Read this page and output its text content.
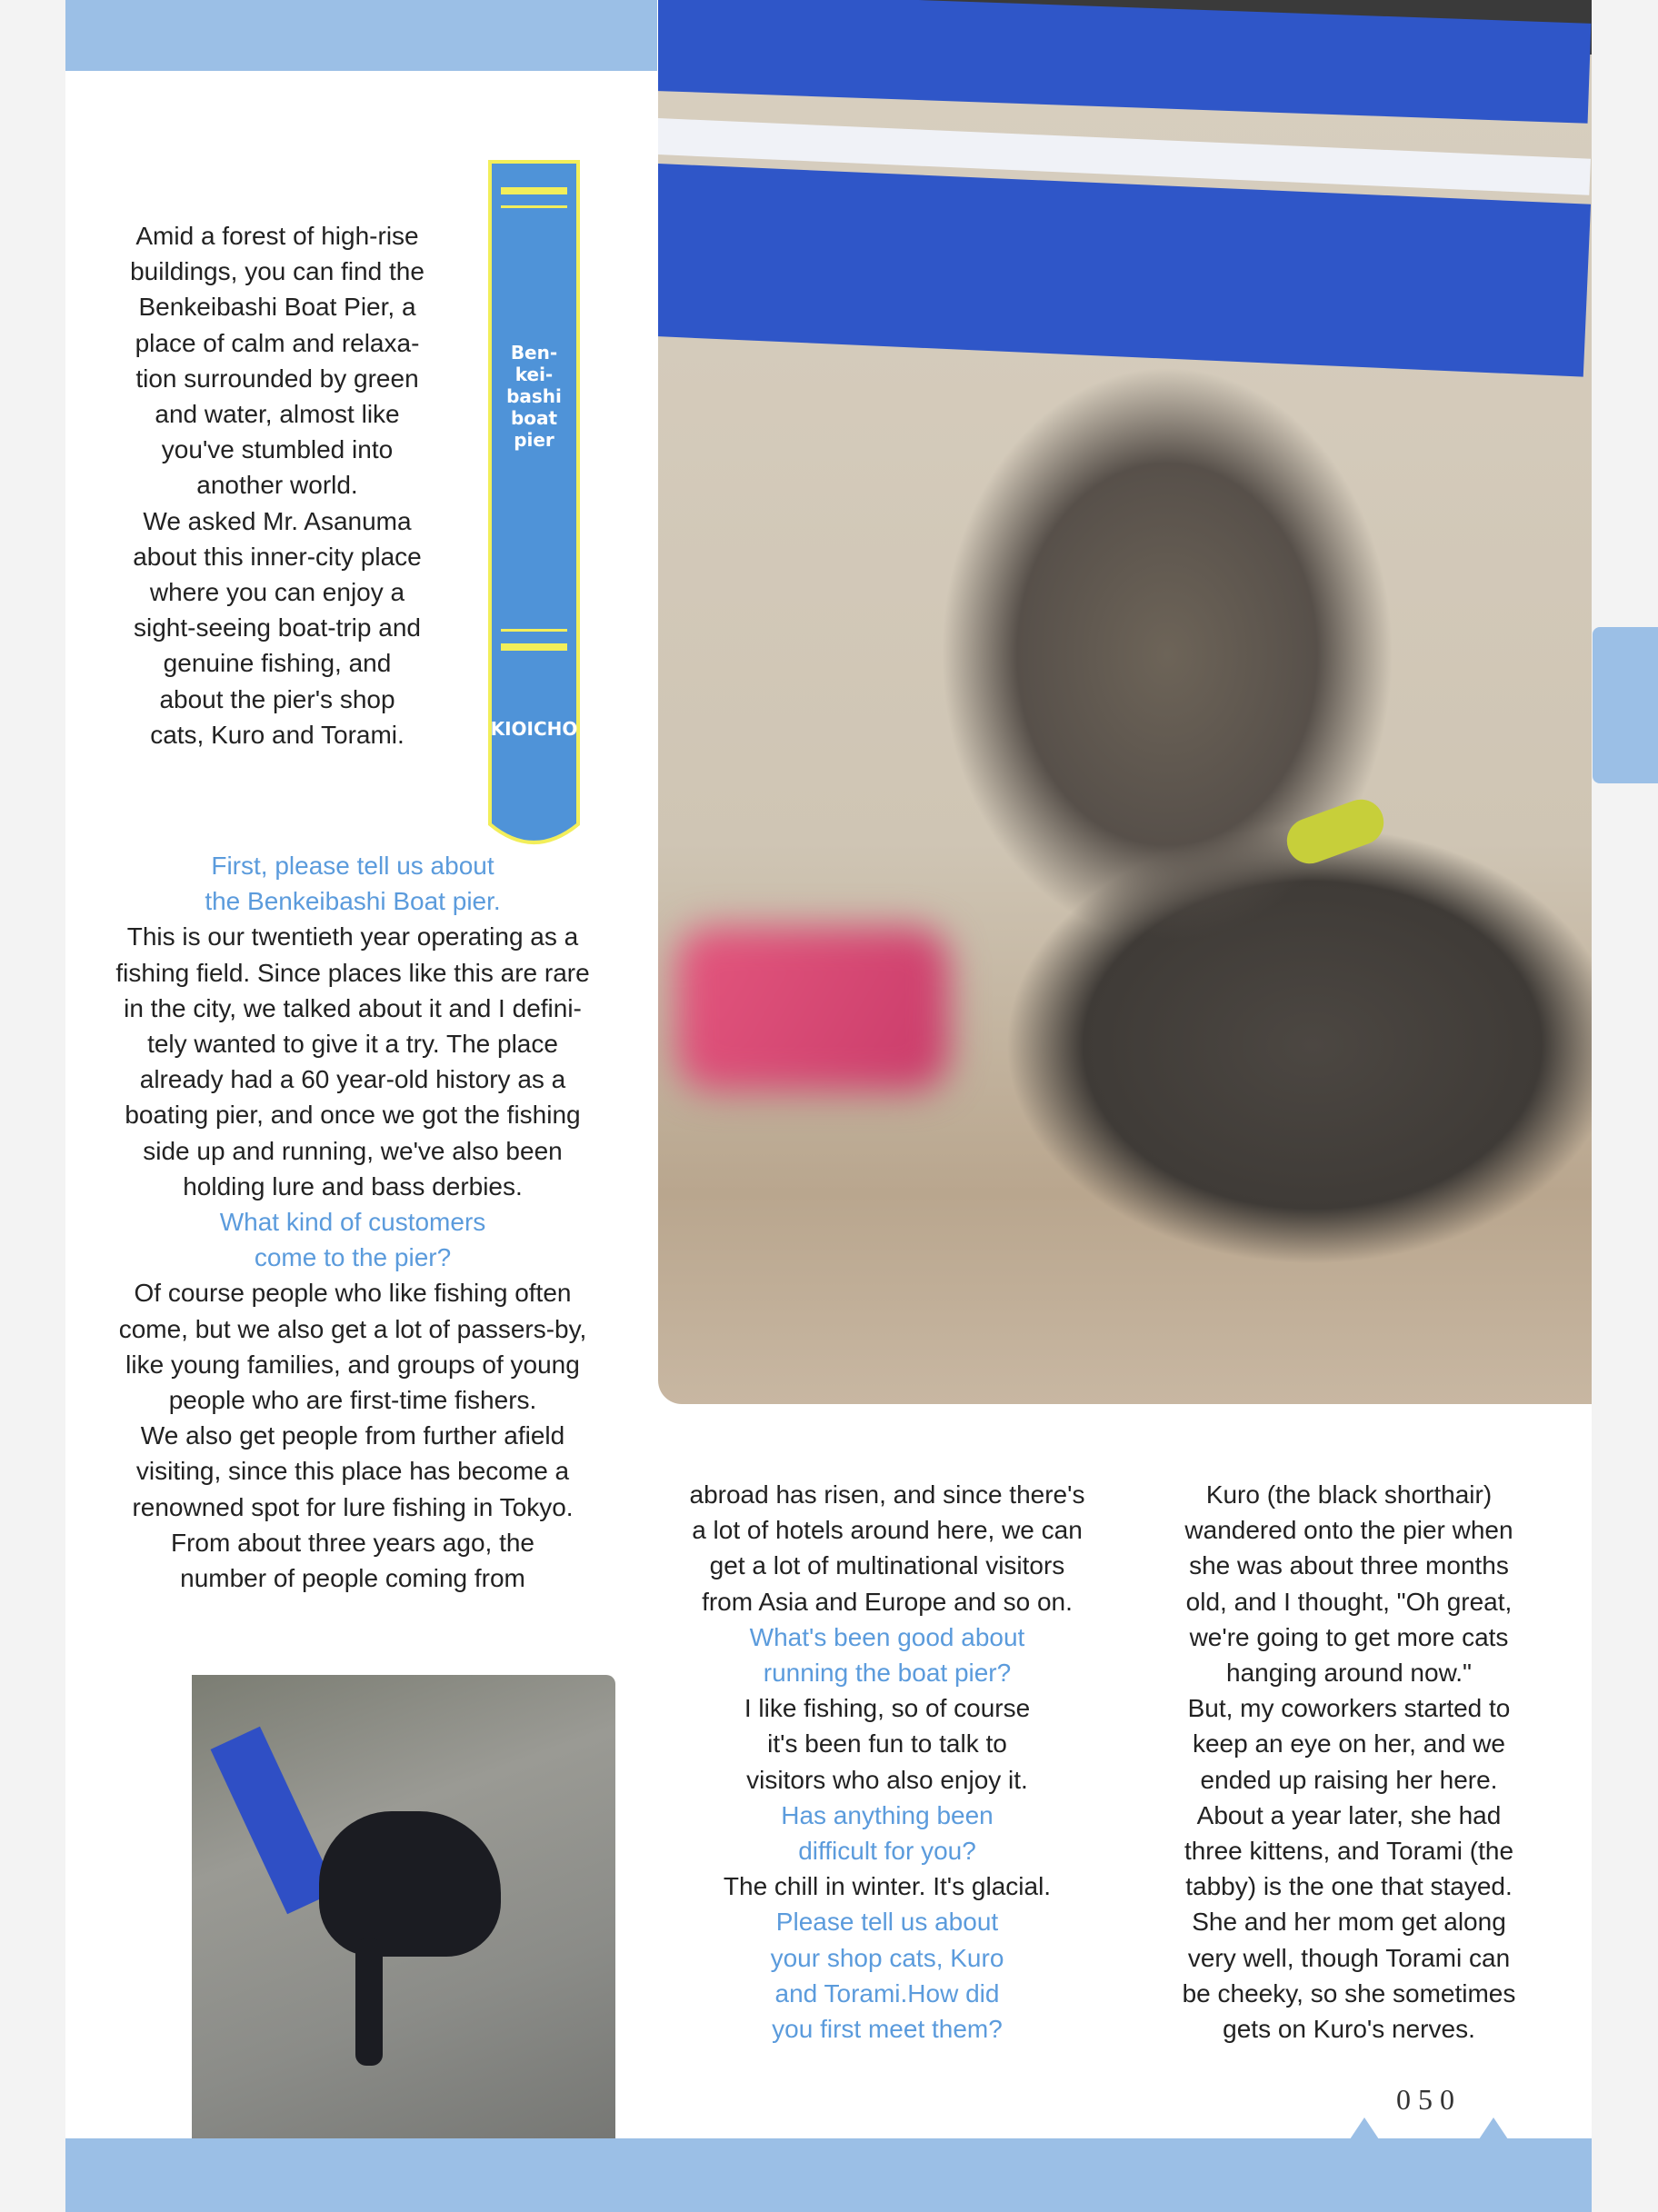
Ben-
kei-
bashi
boat
pier
KIOICHO
Amid a forest of high-rise
buildings, you can find the
Benkeibashi Boat Pier, a
place of calm and relaxa-
tion surrounded by green
and water, almost like
you've stumbled into
another world.
We asked Mr. Asanuma
about this inner-city place
where you can enjoy a
sight-seeing boat-trip and
genuine fishing, and
about the pier's shop
cats, Kuro and Torami.
First, please tell us about
the Benkeibashi Boat pier.
This is our twentieth year operating as a
fishing field. Since places like this are rare
in the city, we talked about it and I defini-
tely wanted to give it a try. The place
already had a 60 year-old history as a
boating pier, and once we got the fishing
side up and running, we've also been
holding lure and bass derbies.
What kind of customers
come to the pier?
Of course people who like fishing often
come, but we also get a lot of passers-by,
like young families, and groups of young
people who are first-time fishers.
We also get people from further afield
visiting, since this place has become a
renowned spot for lure fishing in Tokyo.
From about three years ago, the
number of people coming from
abroad has risen, and since there's
a lot of hotels around here, we can
get a lot of multinational visitors
from Asia and Europe and so on.
What's been good about
running the boat pier?
I like fishing, so of course
it's been fun to talk to
visitors who also enjoy it.
Has anything been
difficult for you?
The chill in winter. It's glacial.
Please tell us about
your shop cats, Kuro
and Torami.How did
you first meet them?
Kuro (the black shorthair)
wandered onto the pier when
she was about three months
old, and I thought, "Oh great,
we're going to get more cats
hanging around now."
But, my coworkers started to
keep an eye on her, and we
ended up raising her here.
About a year later, she had
three kittens, and Torami (the
tabby) is the one that stayed.
She and her mom get along
very well, though Torami can
be cheeky, so she sometimes
gets on Kuro's nerves.
050
